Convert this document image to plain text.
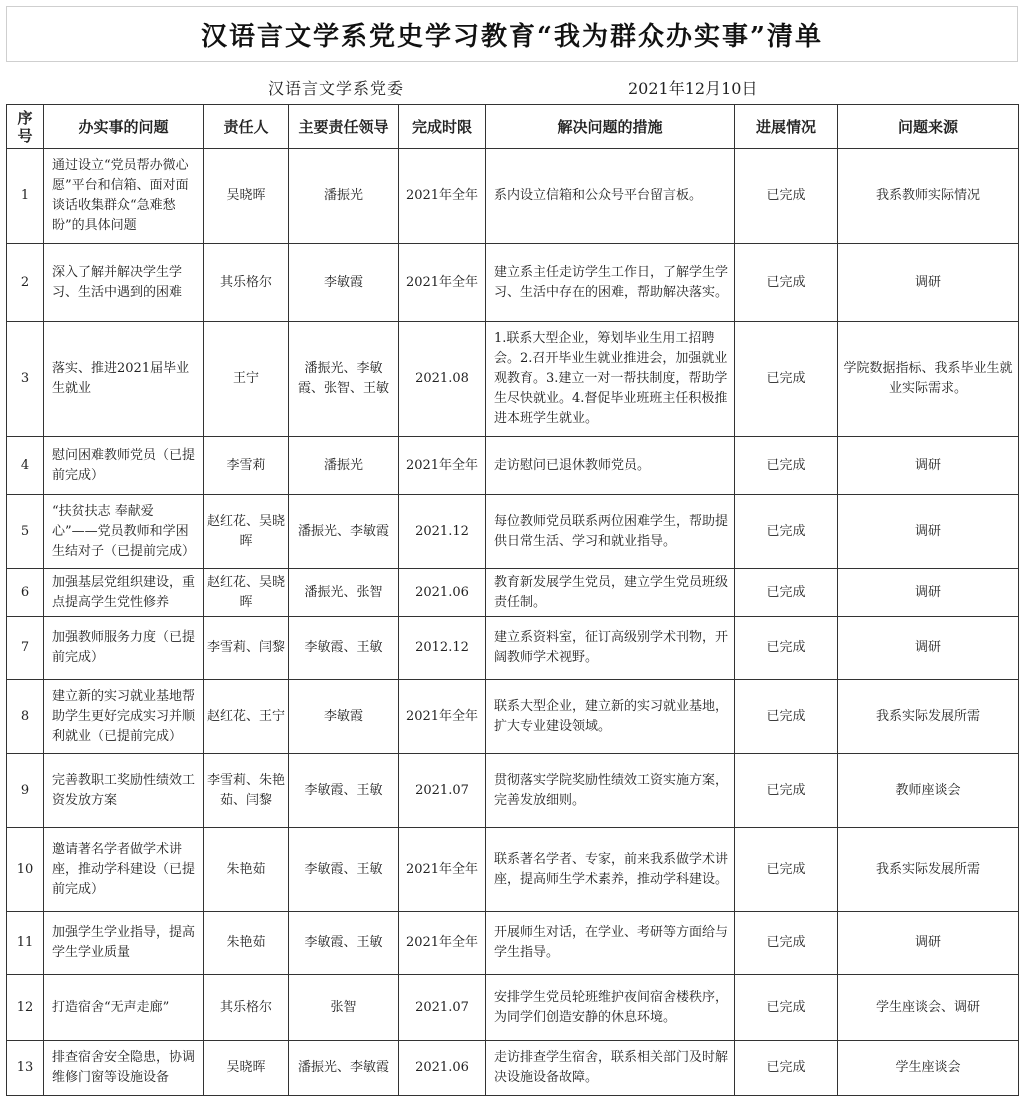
汉语言文学系党史学习教育“我为群众办实事”清单
汉语言文学系党委	2021年12月10日
序号	办实事的问题	责任人	主要责任领导	完成时限	解决问题的措施	进展情况	问题来源
1	通过设立“党员帮办微心愿”平台和信箱、面对面谈话收集群众“急难愁盼”的具体问题	吴晓晖	潘振光	2021年全年	系内设立信箱和公众号平台留言板。	已完成	我系教师实际情况
2	深入了解并解决学生学习、生活中遇到的困难	其乐格尔	李敏霞	2021年全年	建立系主任走访学生工作日，了解学生学习、生活中存在的困难，帮助解决落实。	已完成	调研
3	落实、推进2021届毕业生就业	王宁	潘振光、李敏霞、张智、王敏	2021.08	1.联系大型企业，筹划毕业生用工招聘会。2.召开毕业生就业推进会，加强就业观教育。3.建立一对一帮扶制度，帮助学生尽快就业。4.督促毕业班班主任积极推进本班学生就业。	已完成	学院数据指标、我系毕业生就业实际需求。
4	慰问困难教师党员（已提前完成）	李雪莉	潘振光	2021年全年	走访慰问已退休教师党员。	已完成	调研
5	“扶贫扶志 奉献爱心”——党员教师和学困生结对子（已提前完成）	赵红花、吴晓晖	潘振光、李敏霞	2021.12	每位教师党员联系两位困难学生，帮助提供日常生活、学习和就业指导。	已完成	调研
6	加强基层党组织建设，重点提高学生党性修养	赵红花、吴晓晖	潘振光、张智	2021.06	教育新发展学生党员，建立学生党员班级责任制。	已完成	调研
7	加强教师服务力度（已提前完成）	李雪莉、闫黎	李敏霞、王敏	2012.12	建立系资料室，征订高级别学术刊物，开阔教师学术视野。	已完成	调研
8	建立新的实习就业基地帮助学生更好完成实习并顺利就业（已提前完成）	赵红花、王宁	李敏霞	2021年全年	联系大型企业，建立新的实习就业基地，扩大专业建设领域。	已完成	我系实际发展所需
9	完善教职工奖励性绩效工资发放方案	李雪莉、朱艳茹、闫黎	李敏霞、王敏	2021.07	贯彻落实学院奖励性绩效工资实施方案，完善发放细则。	已完成	教师座谈会
10	邀请著名学者做学术讲座，推动学科建设（已提前完成）	朱艳茹	李敏霞、王敏	2021年全年	联系著名学者、专家，前来我系做学术讲座，提高师生学术素养，推动学科建设。	已完成	我系实际发展所需
11	加强学生学业指导，提高学生学业质量	朱艳茹	李敏霞、王敏	2021年全年	开展师生对话，在学业、考研等方面给与学生指导。	已完成	调研
12	打造宿舍“无声走廊”	其乐格尔	张智	2021.07	安排学生党员轮班维护夜间宿舍楼秩序，为同学们创造安静的休息环境。	已完成	学生座谈会、调研
13	排查宿舍安全隐患，协调维修门窗等设施设备	吴晓晖	潘振光、李敏霞	2021.06	走访排查学生宿舍，联系相关部门及时解决设施设备故障。	已完成	学生座谈会
